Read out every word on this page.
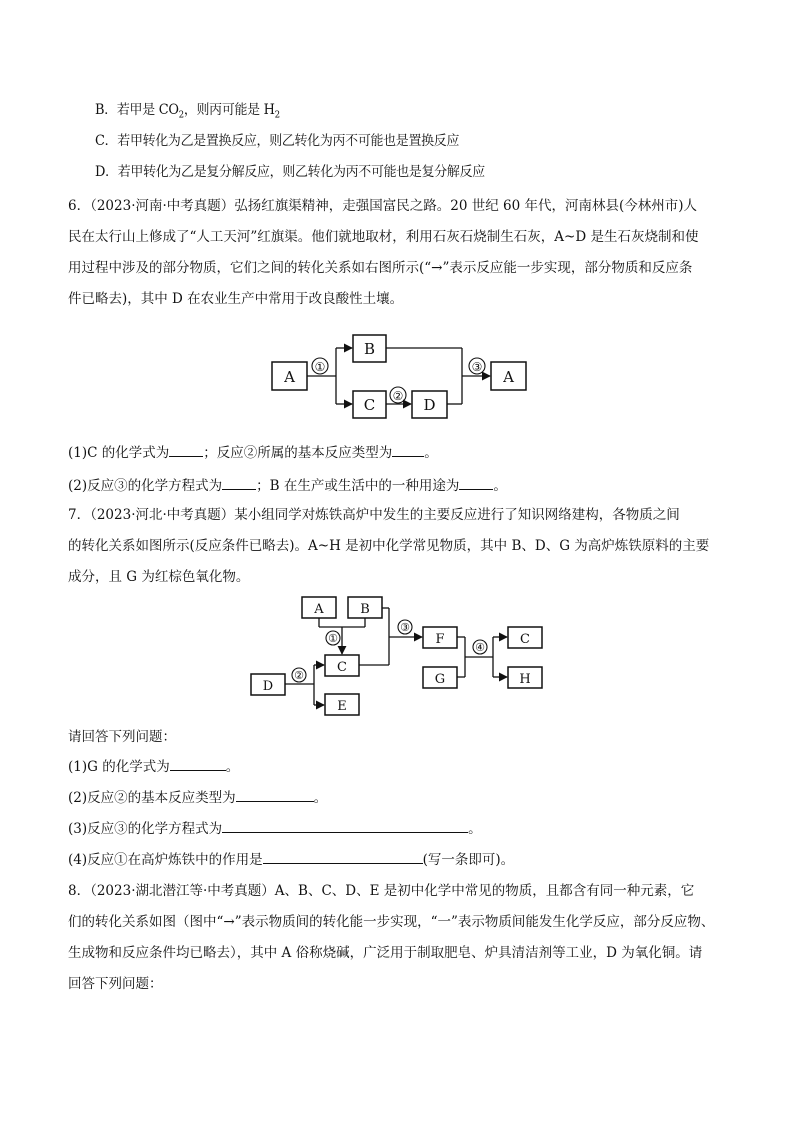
B．若甲是 $CO_2$，则丙可能是 $H_2$
C．若甲转化为乙是置换反应，则乙转化为丙不可能也是置换反应
D．若甲转化为乙是复分解反应，则乙转化为丙不可能也是复分解反应
6．（2023·河南·中考真题）弘扬红旗渠精神，走强国富民之路。20 世纪 60 年代，河南林县(今林州市)人
民在太行山上修成了“人工天河”红旗渠。他们就地取材，利用石灰石烧制生石灰，A~D 是生石灰烧制和使
用过程中涉及的部分物质，它们之间的转化关系如右图所示(“→”表示反应能一步实现，部分物质和反应条
件已略去)，其中 D 在农业生产中常用于改良酸性土壤。
A
①
B
C ② D
③
A
(1)C 的化学式为	；反应②所属的基本反应类型为 。
(2)反应③的化学方程式为	；B 在生产或生活中的一种用途为	。
7．（2023·河北·中考真题）某小组同学对炼铁高炉中发生的主要反应进行了知识网络建构，各物质之间
的转化关系如图所示(反应条件已略去)。A~H 是初中化学常见物质，其中 B、D、G 为高炉炼铁原料的主要
成分，且 G 为红棕色氧化物。
A	B
①
C
D
②
E
③
F
G
④
C
H
请回答下列问题：
(1)G 的化学式为	。
(2)反应②的基本反应类型为	。
(3)反应③的化学方程式为	。
(4)反应①在高炉炼铁中的作用是	(写一条即可)。
8．（2023·湖北潜江等·中考真题）A、B、C、D、E 是初中化学中常见的物质，且都含有同一种元素，它
们的转化关系如图（图中“→”表示物质间的转化能一步实现，“一”表示物质间能发生化学反应，部分反应物、
生成物和反应条件均已略去），其中 A 俗称烧碱，广泛用于制取肥皂、炉具清洁剂等工业，D 为氧化铜。请
回答下列问题：
